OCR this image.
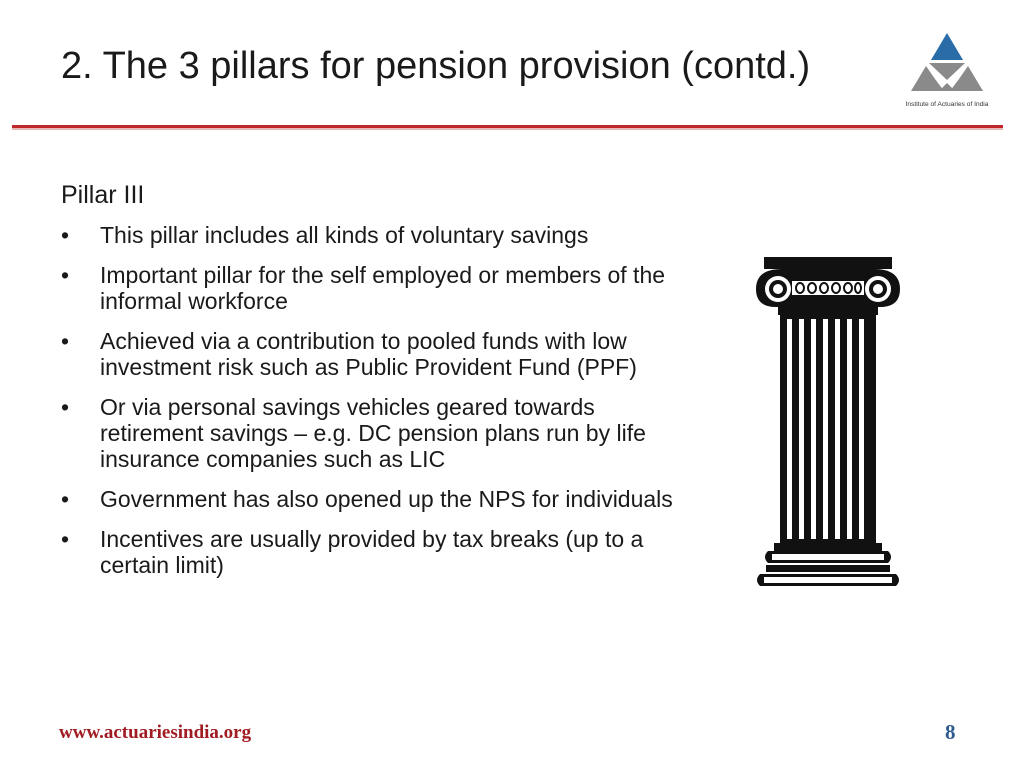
2. The 3 pillars for pension provision (contd.)
Institute of Actuaries of India
Pillar III
• This pillar includes all kinds of voluntary savings
• Important pillar for the self employed or members of the informal workforce
• Achieved via a contribution to pooled funds with low investment risk such as Public Provident Fund (PPF)
• Or via personal savings vehicles geared towards retirement savings – e.g. DC pension plans run by life insurance companies such as LIC
• Government has also opened up the NPS for individuals
• Incentives are usually provided by tax breaks (up to a certain limit)
www.actuariesindia.org	8
